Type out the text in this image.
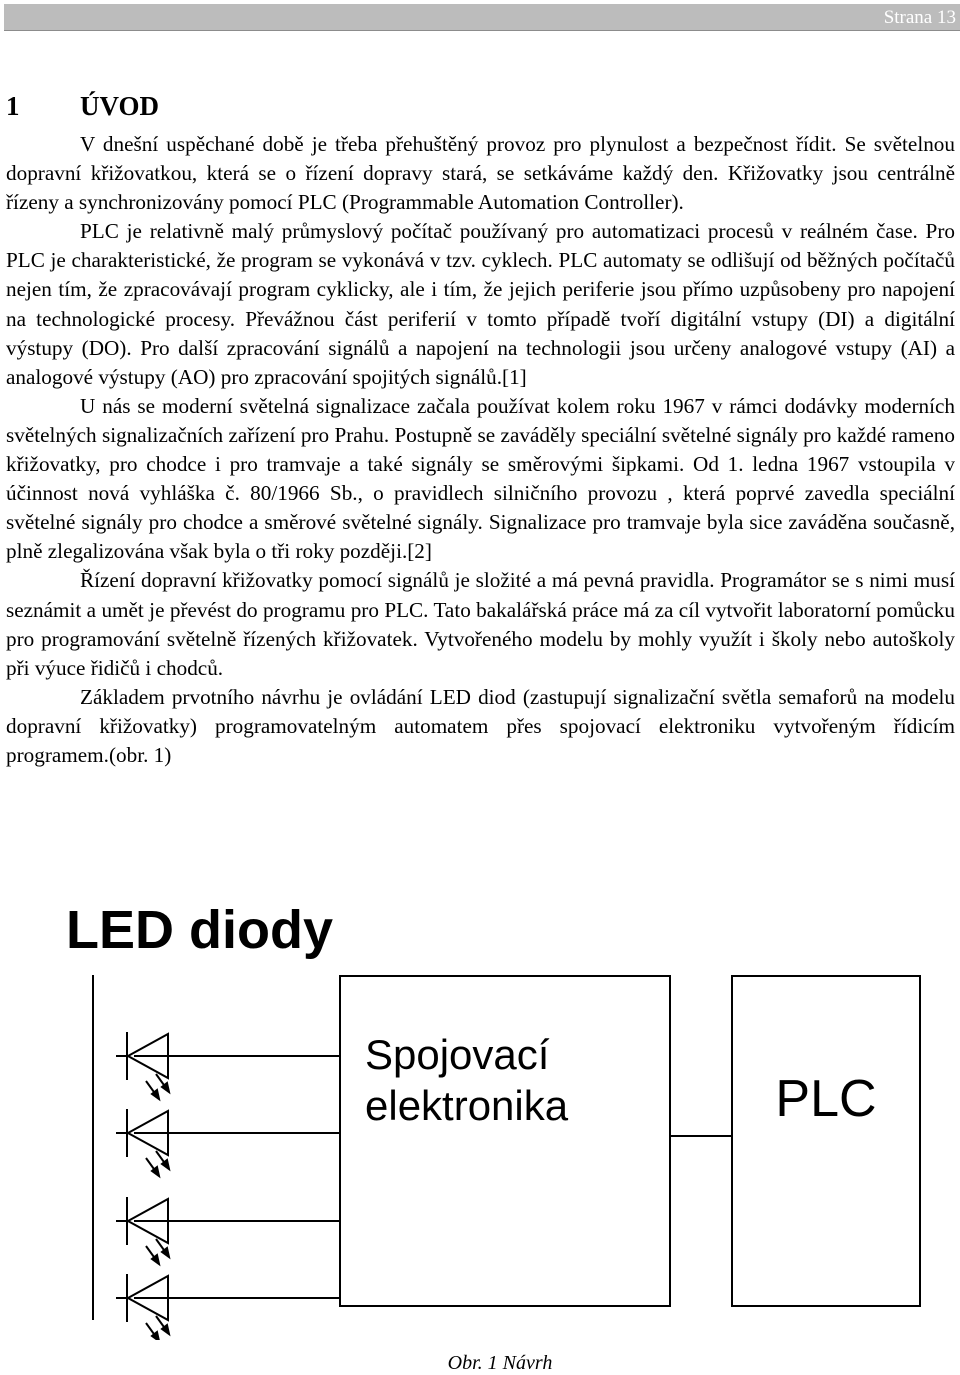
Strana 13
1 ÚVOD

V dnešní uspěchané době je třeba přehuštěný provoz pro plynulost a bezpečnost řídit. Se světelnou dopravní křižovatkou, která se o řízení dopravy stará, se setkáváme každý den. Křižovatky jsou centrálně řízeny a synchronizovány pomocí PLC (Programmable Automation Controller).

PLC je relativně malý průmyslový počítač používaný pro automatizaci procesů v reálném čase. Pro PLC je charakteristické, že program se vykonává v tzv. cyklech. PLC automaty se odlišují od běžných počítačů nejen tím, že zpracovávají program cyklicky, ale i tím, že jejich periferie jsou přímo uzpůsobeny pro napojení na technologické procesy. Převážnou část periferií v tomto případě tvoří digitální vstupy (DI) a digitální výstupy (DO). Pro další zpracování signálů a napojení na technologii jsou určeny analogové vstupy (AI) a analogové výstupy (AO) pro zpracování spojitých signálů.[1]

U nás se moderní světelná signalizace začala používat kolem roku 1967 v rámci dodávky moderních světelných signalizačních zařízení pro Prahu. Postupně se zaváděly speciální světelné signály pro každé rameno křižovatky, pro chodce i pro tramvaje a také signály se směrovými šipkami. Od 1. ledna 1967 vstoupila v účinnost nová vyhláška č. 80/1966 Sb., o pravidlech silničního provozu , která poprvé zavedla speciální světelné signály pro chodce a směrové světelné signály. Signalizace pro tramvaje byla sice zaváděna současně, plně zlegalizována však byla o tři roky později.[2]

Řízení dopravní křižovatky pomocí signálů je složité a má pevná pravidla. Programátor se s nimi musí seznámit a umět je převést do programu pro PLC. Tato bakalářská práce má za cíl vytvořit laboratorní pomůcku pro programování světelně řízených křižovatek. Vytvořeného modelu by mohly využít i školy nebo autoškoly při výuce řidičů i chodců.

Základem prvotního návrhu je ovládání LED diod (zastupují signalizační světla semaforů na modelu dopravní křižovatky) programovatelným automatem přes spojovací elektroniku vytvořeným řídicím programem.(obr. 1)

LED diody
Spojovací
elektronika	PLC
Obr. 1 Návrh
